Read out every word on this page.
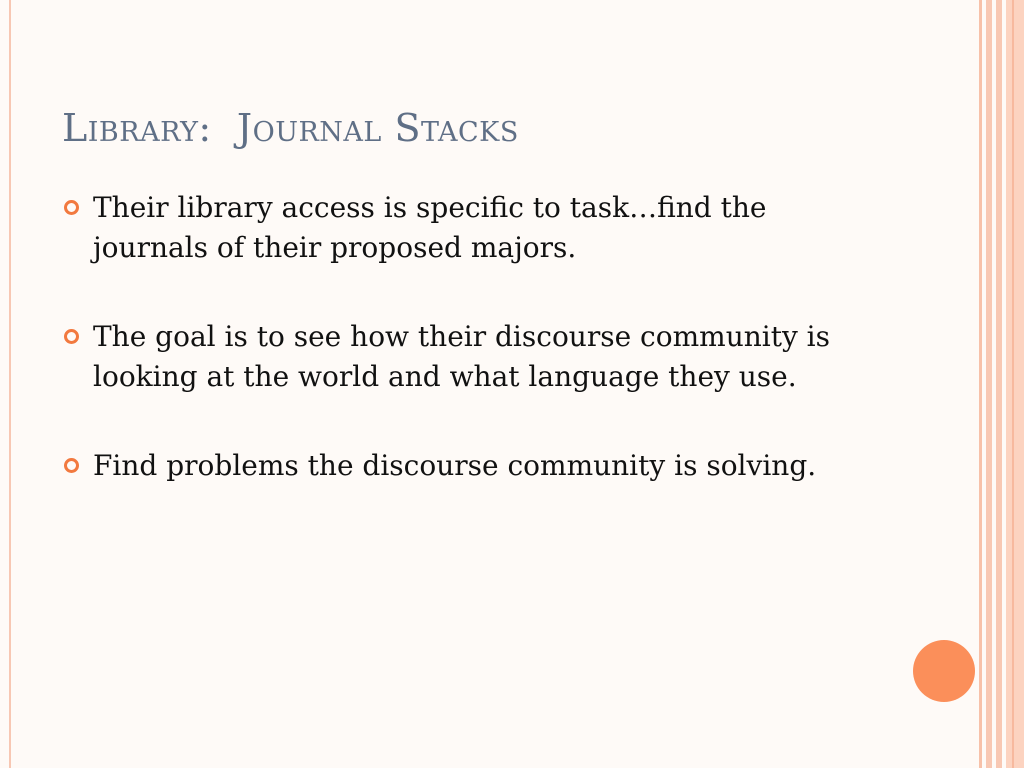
Library:  Journal Stacks
Their library access is specific to task…find the journals of their proposed majors.
The goal is to see how their discourse community is looking at the world and what language they use.
Find problems the discourse community is solving.
